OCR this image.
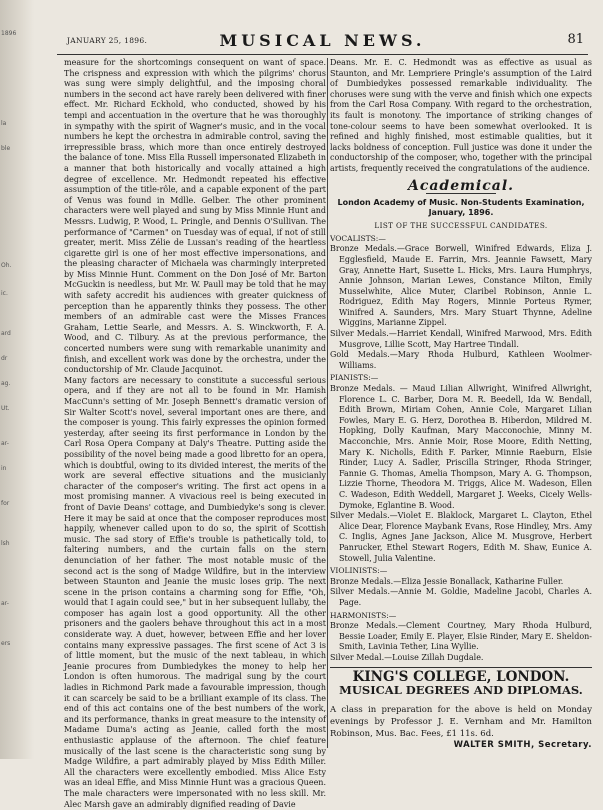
1896
la
ble
Oh.
ic.
ard
dr
ag.
Ut.
ar-
in
for
lsh
ar-
ers
JANUARY 25, 1896.	MUSICAL NEWS.	81

measure for the shortcomings consequent on want of space. The crispness and expression with which the pilgrims' chorus was sung were simply delightful, and the imposing choral numbers in the second act have rarely been delivered with finer effect. Mr. Richard Eckhold, who conducted, showed by his tempi and accentuation in the overture that he was thoroughly in sympathy with the spirit of Wagner's music, and in the vocal numbers he kept the orchestra in admirable control, saving the irrepressible brass, which more than once entirely destroyed the balance of tone. Miss Ella Russell impersonated Elizabeth in a manner that both historically and vocally attained a high degree of excellence. Mr. Hedmondt repeated his effective assumption of the title-rôle, and a capable exponent of the part of Venus was found in Mdlle. Gelber. The other prominent characters were well played and sung by Miss Minnie Hunt and Messrs. Ludwig, P. Wood, L. Pringle, and Dennis O'Sullivan. The performance of "Carmen" on Tuesday was of equal, if not of still greater, merit. Miss Zélie de Lussan's reading of the heartless cigarette girl is one of her most effective impersonations, and the pleasing character of Michaela was charmingly interpreted by Miss Minnie Hunt. Comment on the Don José of Mr. Barton McGuckin is needless, but Mr. W. Paull may be told that he may with safety accredit his audiences with greater quickness of perception than he apparently thinks they possess. The other members of an admirable cast were the Misses Frances Graham, Lettie Searle, and Messrs. A. S. Winckworth, F. A. Wood, and C. Tilbury. As at the previous performance, the concerted numbers were sung with remarkable unanimity and finish, and excellent work was done by the orchestra, under the conductorship of Mr. Claude Jacquinot.

Many factors are necessary to constitute a successful serious opera, and if they are not all to be found in Mr. Hamish MacCunn's setting of Mr. Joseph Bennett's dramatic version of Sir Walter Scott's novel, several important ones are there, and the composer is young. This fairly expresses the opinion formed yesterday, after seeing its first performance in London by the Carl Rosa Opera Company at Daly's Theatre. Putting aside the possibility of the novel being made a good libretto for an opera, which is doubtful, owing to its divided interest, the merits of the work are several effective situations and the musicianly character of the composer's writing. The first act opens in a most promising manner. A vivacious reel is being executed in front of Davie Deans' cottage, and Dumbiedyke's song is clever. Here it may be said at once that the composer reproduces most happily, whenever called upon to do so, the spirit of Scottish music. The sad story of Effie's trouble is pathetically told, to faltering numbers, and the curtain falls on the stern denunciation of her father. The most notable music of the second act is the song of Madge Wildfire, but in the interview between Staunton and Jeanie the music loses grip. The next scene in the prison contains a charming song for Effie, "Oh, would that I again could see," but in her subsequent lullaby, the composer has again lost a good opportunity. All the other prisoners and the gaolers behave throughout this act in a most considerate way. A duet, however, between Effie and her lover contains many expressive passages. The first scene of Act 3 is of little moment, but the music of the next tableau, in which Jeanie procures from Dumbiedykes the money to help her London is often humorous. The madrigal sung by the court ladies in Richmond Park made a favourable impression, though it can scarcely be said to be a brilliant example of its class. The end of this act contains one of the best numbers of the work, and its performance, thanks in great measure to the intensity of Madame Duma's acting as Jeanie, called forth the most enthusiastic applause of the afternoon. The chief feature musically of the last scene is the characteristic song sung by Madge Wildfire, a part admirably played by Miss Edith Miller. All the characters were excellently embodied. Miss Alice Esty was an ideal Effie, and Miss Minnie Hunt was a gracious Queen. The male characters were impersonated with no less skill. Mr. Alec Marsh gave an admirably dignified reading of Davie

Deans. Mr. E. C. Hedmondt was as effective as usual as Staunton, and Mr. Lempriere Pringle's assumption of the Laird of Dumbiedykes possessed remarkable individuality. The choruses were sung with the verve and finish which one expects from the Carl Rosa Company. With regard to the orchestration, its fault is monotony. The importance of striking changes of tone-colour seems to have been somewhat overlooked. It is refined and highly finished, most estimable qualities, but it lacks boldness of conception. Full justice was done it under the conductorship of the composer, who, together with the principal artists, frequently received the congratulations of the audience.

Academical.
London Academy of Music. Non-Students Examination,
January, 1896.
LIST OF THE SUCCESSFUL CANDIDATES.
VOCALISTS:—
Bronze Medals.—Grace Borwell, Winifred Edwards, Eliza J. Egglesfield, Maude E. Farrin, Mrs. Jeannie Fawsett, Mary Gray, Annette Hart, Susette L. Hicks, Mrs. Laura Humphrys, Annie Johnson, Marian Lewes, Constance Milton, Emily Musselwhite, Alice Muter, Claribel Robinson, Annie L. Rodriguez, Edith May Rogers, Minnie Porteus Rymer, Winifred A. Saunders, Mrs. Mary Stuart Thynne, Adeline Wiggins, Marianne Zippel.
Silver Medals.—Harriet Kendall, Winifred Marwood, Mrs. Edith Musgrove, Lillie Scott, May Hartree Tindall.
Gold Medals.—Mary Rhoda Hulburd, Kathleen Woolmer-Williams.
PIANISTS:—
Bronze Medals. — Maud Lilian Allwright, Winifred Allwright, Florence L. C. Barber, Dora M. R. Beedell, Ida W. Bendall, Edith Brown, Miriam Cohen, Annie Cole, Margaret Lilian Fowles, Mary E. G. Herz, Dorothea B. Hiberdon, Mildred M. Hopking, Dolly Kaufman, Mary Macconochie, Minny M. Macconchie, Mrs. Annie Moir, Rose Moore, Edith Netting, Mary K. Nicholls, Edith F. Parker, Minnie Raeburn, Elsie Rinder, Lucy A. Sadler, Priscilla Stringer, Rhoda Stringer, Fannie G. Thomas, Amelia Thompson, Mary A. G. Thompson, Lizzie Thorne, Theodora M. Triggs, Alice M. Wadeson, Ellen C. Wadeson, Edith Weddell, Margaret J. Weeks, Cicely Wells-Dymoke, Eglantine B. Wood.
Silver Medals.—Violet E. Blaklock, Margaret L. Clayton, Ethel Alice Dear, Florence Maybank Evans, Rose Hindley, Mrs. Amy C. Inglis, Agnes Jane Jackson, Alice M. Musgrove, Herbert Panrucker, Ethel Stewart Rogers, Edith M. Shaw, Eunice A. Stowell, Julia Valentine.
VIOLINISTS:—
Bronze Medals.—Eliza Jessie Bonallack, Katharine Fuller.
Silver Medals.—Annie M. Goldie, Madeline Jacobi, Charles A. Page.
HARMONISTS:—
Bronze Medals.—Clement Courtney, Mary Rhoda Hulburd, Bessie Loader, Emily E. Player, Elsie Rinder, Mary E. Sheldon-Smith, Lavinia Tether, Lina Wyllie.
Silver Medal.—Louise Zillah Dugdale.
KING'S COLLEGE, LONDON.
MUSICAL DEGREES AND DIPLOMAS.
A class in preparation for the above is held on Monday evenings by Professor J. E. Vernham and Mr. Hamilton Robinson, Mus. Bac. Fees, £1 11s. 6d.
WALTER SMITH, Secretary.
